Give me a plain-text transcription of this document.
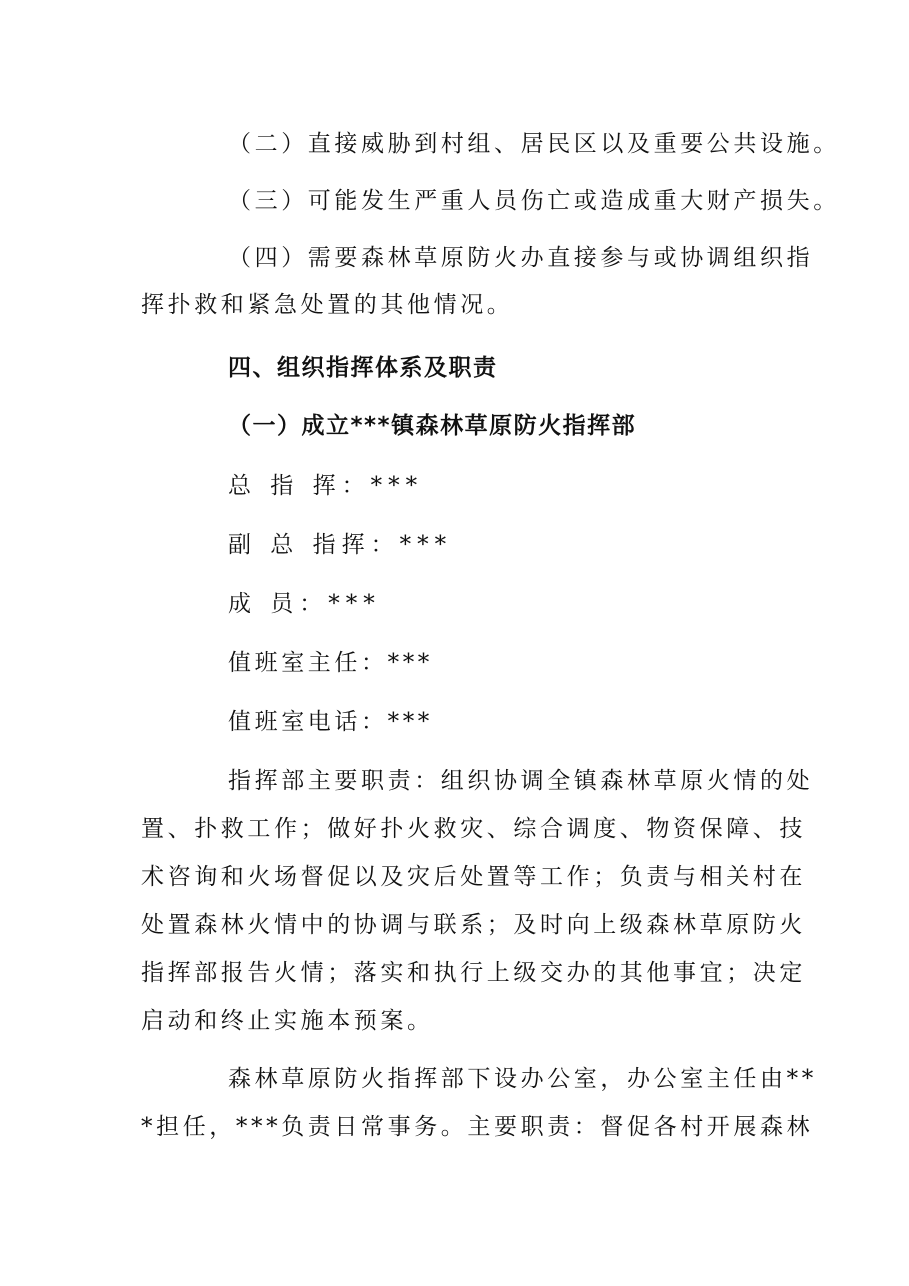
（二）直接威胁到村组、居民区以及重要公共设施。
（三）可能发生严重人员伤亡或造成重大财产损失。
（四）需要森林草原防火办直接参与或协调组织指
挥扑救和紧急处置的其他情况。
四、组织指挥体系及职责
（一）成立***镇森林草原防火指挥部
总 指 挥：***
副 总 指挥：***
成 员：***
值班室主任：***
值班室电话：***
指挥部主要职责：组织协调全镇森林草原火情的处
置、扑救工作；做好扑火救灾、综合调度、物资保障、技
术咨询和火场督促以及灾后处置等工作；负责与相关村在
处置森林火情中的协调与联系；及时向上级森林草原防火
指挥部报告火情；落实和执行上级交办的其他事宜；决定
启动和终止实施本预案。
森林草原防火指挥部下设办公室，办公室主任由**
*担任，***负责日常事务。主要职责：督促各村开展森林
